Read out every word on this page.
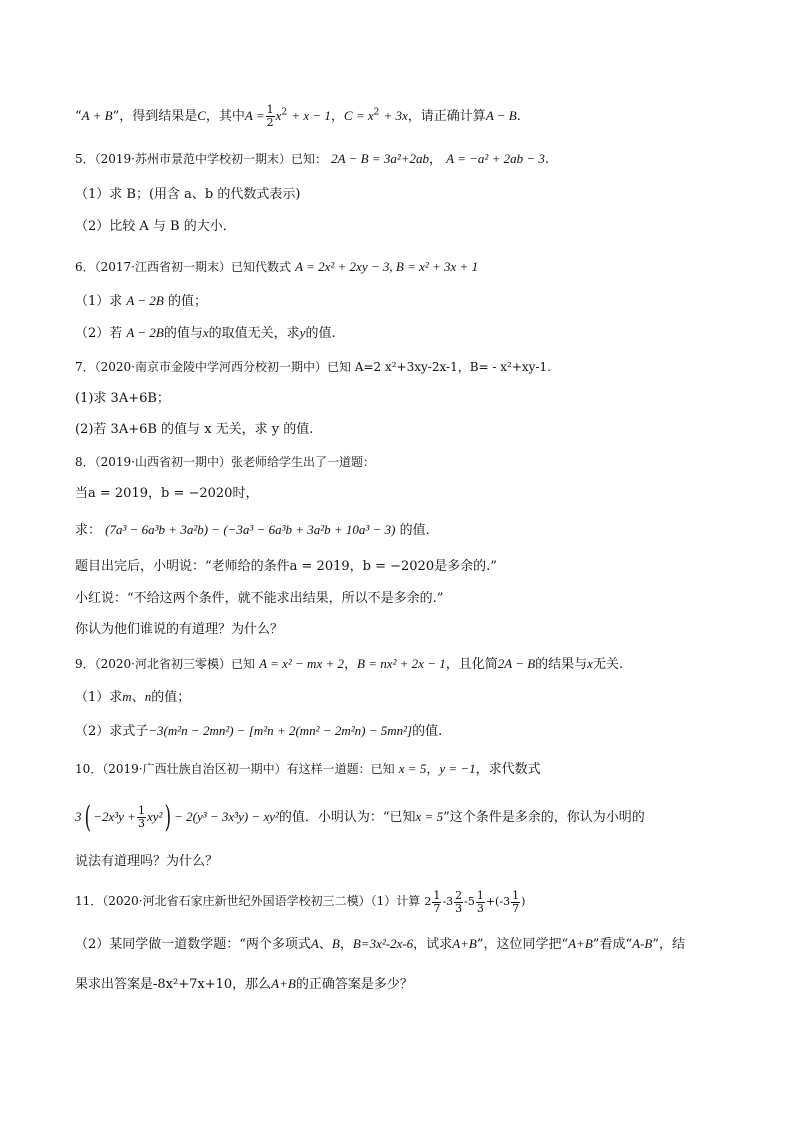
“A + B”，得到结果是C，其中$A = \frac{1}{2} x^2 + x - 1$，$C = x^2 + 3x$，请正确计算A − B.
5．（2019·苏州市景范中学校初一期末）已知： 2A − B = 3a²+2ab， A = −a² + 2ab − 3.
（1）求 B；(用含 a、b 的代数式表示)
（2）比较 A 与 B 的大小．
6．（2017·江西省初一期末）已知代数式 A = 2x² + 2xy − 3, B = x² + 3x + 1
（1）求 A − 2B 的值；
（2）若 A − 2B的值与x的取值无关，求y的值.
7．（2020·南京市金陵中学河西分校初一期中）已知 A=2 x²+3xy-2x-1，B= - x²+xy-1.
(1)求 3A+6B；
(2)若 3A+6B 的值与 x 无关，求 y 的值.
8．（2019·山西省初一期中）张老师给学生出了一道题：
当a = 2019，b = −2020时，
求： (7a³ − 6a³b + 3a²b) − (−3a³ − 6a³b + 3a²b + 10a³ − 3) 的值.
题目出完后，小明说：“老师给的条件a = 2019，b = −2020是多余的.”
小红说：“不给这两个条件，就不能求出结果，所以不是多余的.”
你认为他们谁说的有道理？为什么？
9．（2020·河北省初三零模）已知 A = x² − mx + 2，B = nx² + 2x − 1，且化简2A − B的结果与x无关.
（1）求m、n的值；
（2）求式子−3(m²n − 2mn²) − [m²n + 2(mn² − 2m²n) − 5mn²]的值.
10．（2019·广西壮族自治区初一期中）有这样一道题：已知 x = 5，y = −1，求代数式
$3( -2x^3y + \frac{1}{3} xy^2) - 2(y^3 - 3x^3y) - xy^2$的值．小明认为：“已知x = 5”这个条件是多余的，你认为小明的
说法有道理吗？为什么？
11．（2020·河北省石家庄新世纪外国语学校初三二模）（1）计算 $2 \frac{1}{7} -3 \frac{2}{3} -5 \frac{1}{3} +(-3 \frac{1}{7}$ )
（2）某同学做一道数学题：“两个多项式A、B，B=3x²-2x-6，试求A+B”，这位同学把“A+B”看成“A-B”，结
果求出答案是-8x²+7x+10，那么A+B的正确答案是多少？
